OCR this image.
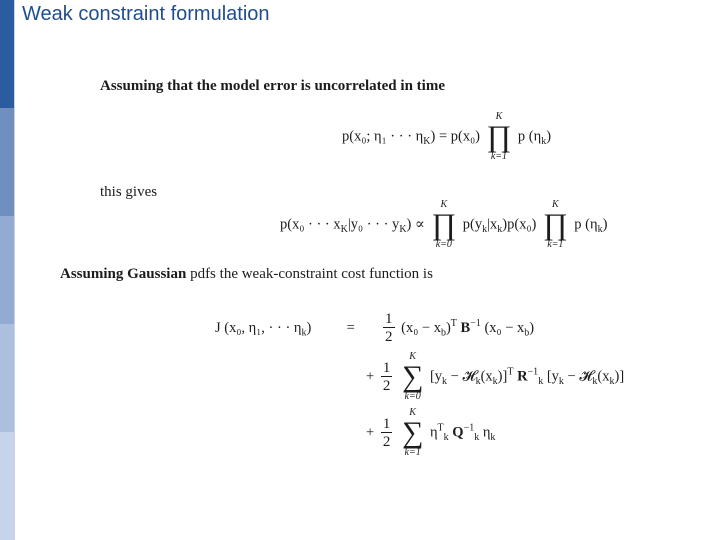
Weak constraint formulation
Assuming that the model error is uncorrelated in time
p(x₀; η₁ · · · $\eta_K) = p(x_0)$
K
∏
k=1
p $(\eta_k)$
this gives
p(x₀ · · · $x_K|y_0$ · · · $y_K$) ∝
K
∏
k=0
$p(y_k|x_k)p(x_0)$
K
∏
k=1
p $(\eta_k)$
Assuming Gaussian pdfs the weak-constraint cost function is
J (x₀, η₁, · · · $\eta_k) = \frac{1}{2} (x_0 - x_b)^T$ $B^{-1}$ $(x_0 - x_b)$
+ $\frac{1}{2}$

K
∑
k=0
[$y_k$ − $𝓗_k(x_k)]^T$ $R^{-1}_k$ [$y_k$ − $𝓗_k(x_k)$]
+ $\frac{1}{2}$

K
∑
k=1
$\eta^T_k$ $Q^{-1}_k$ $\eta_k$
